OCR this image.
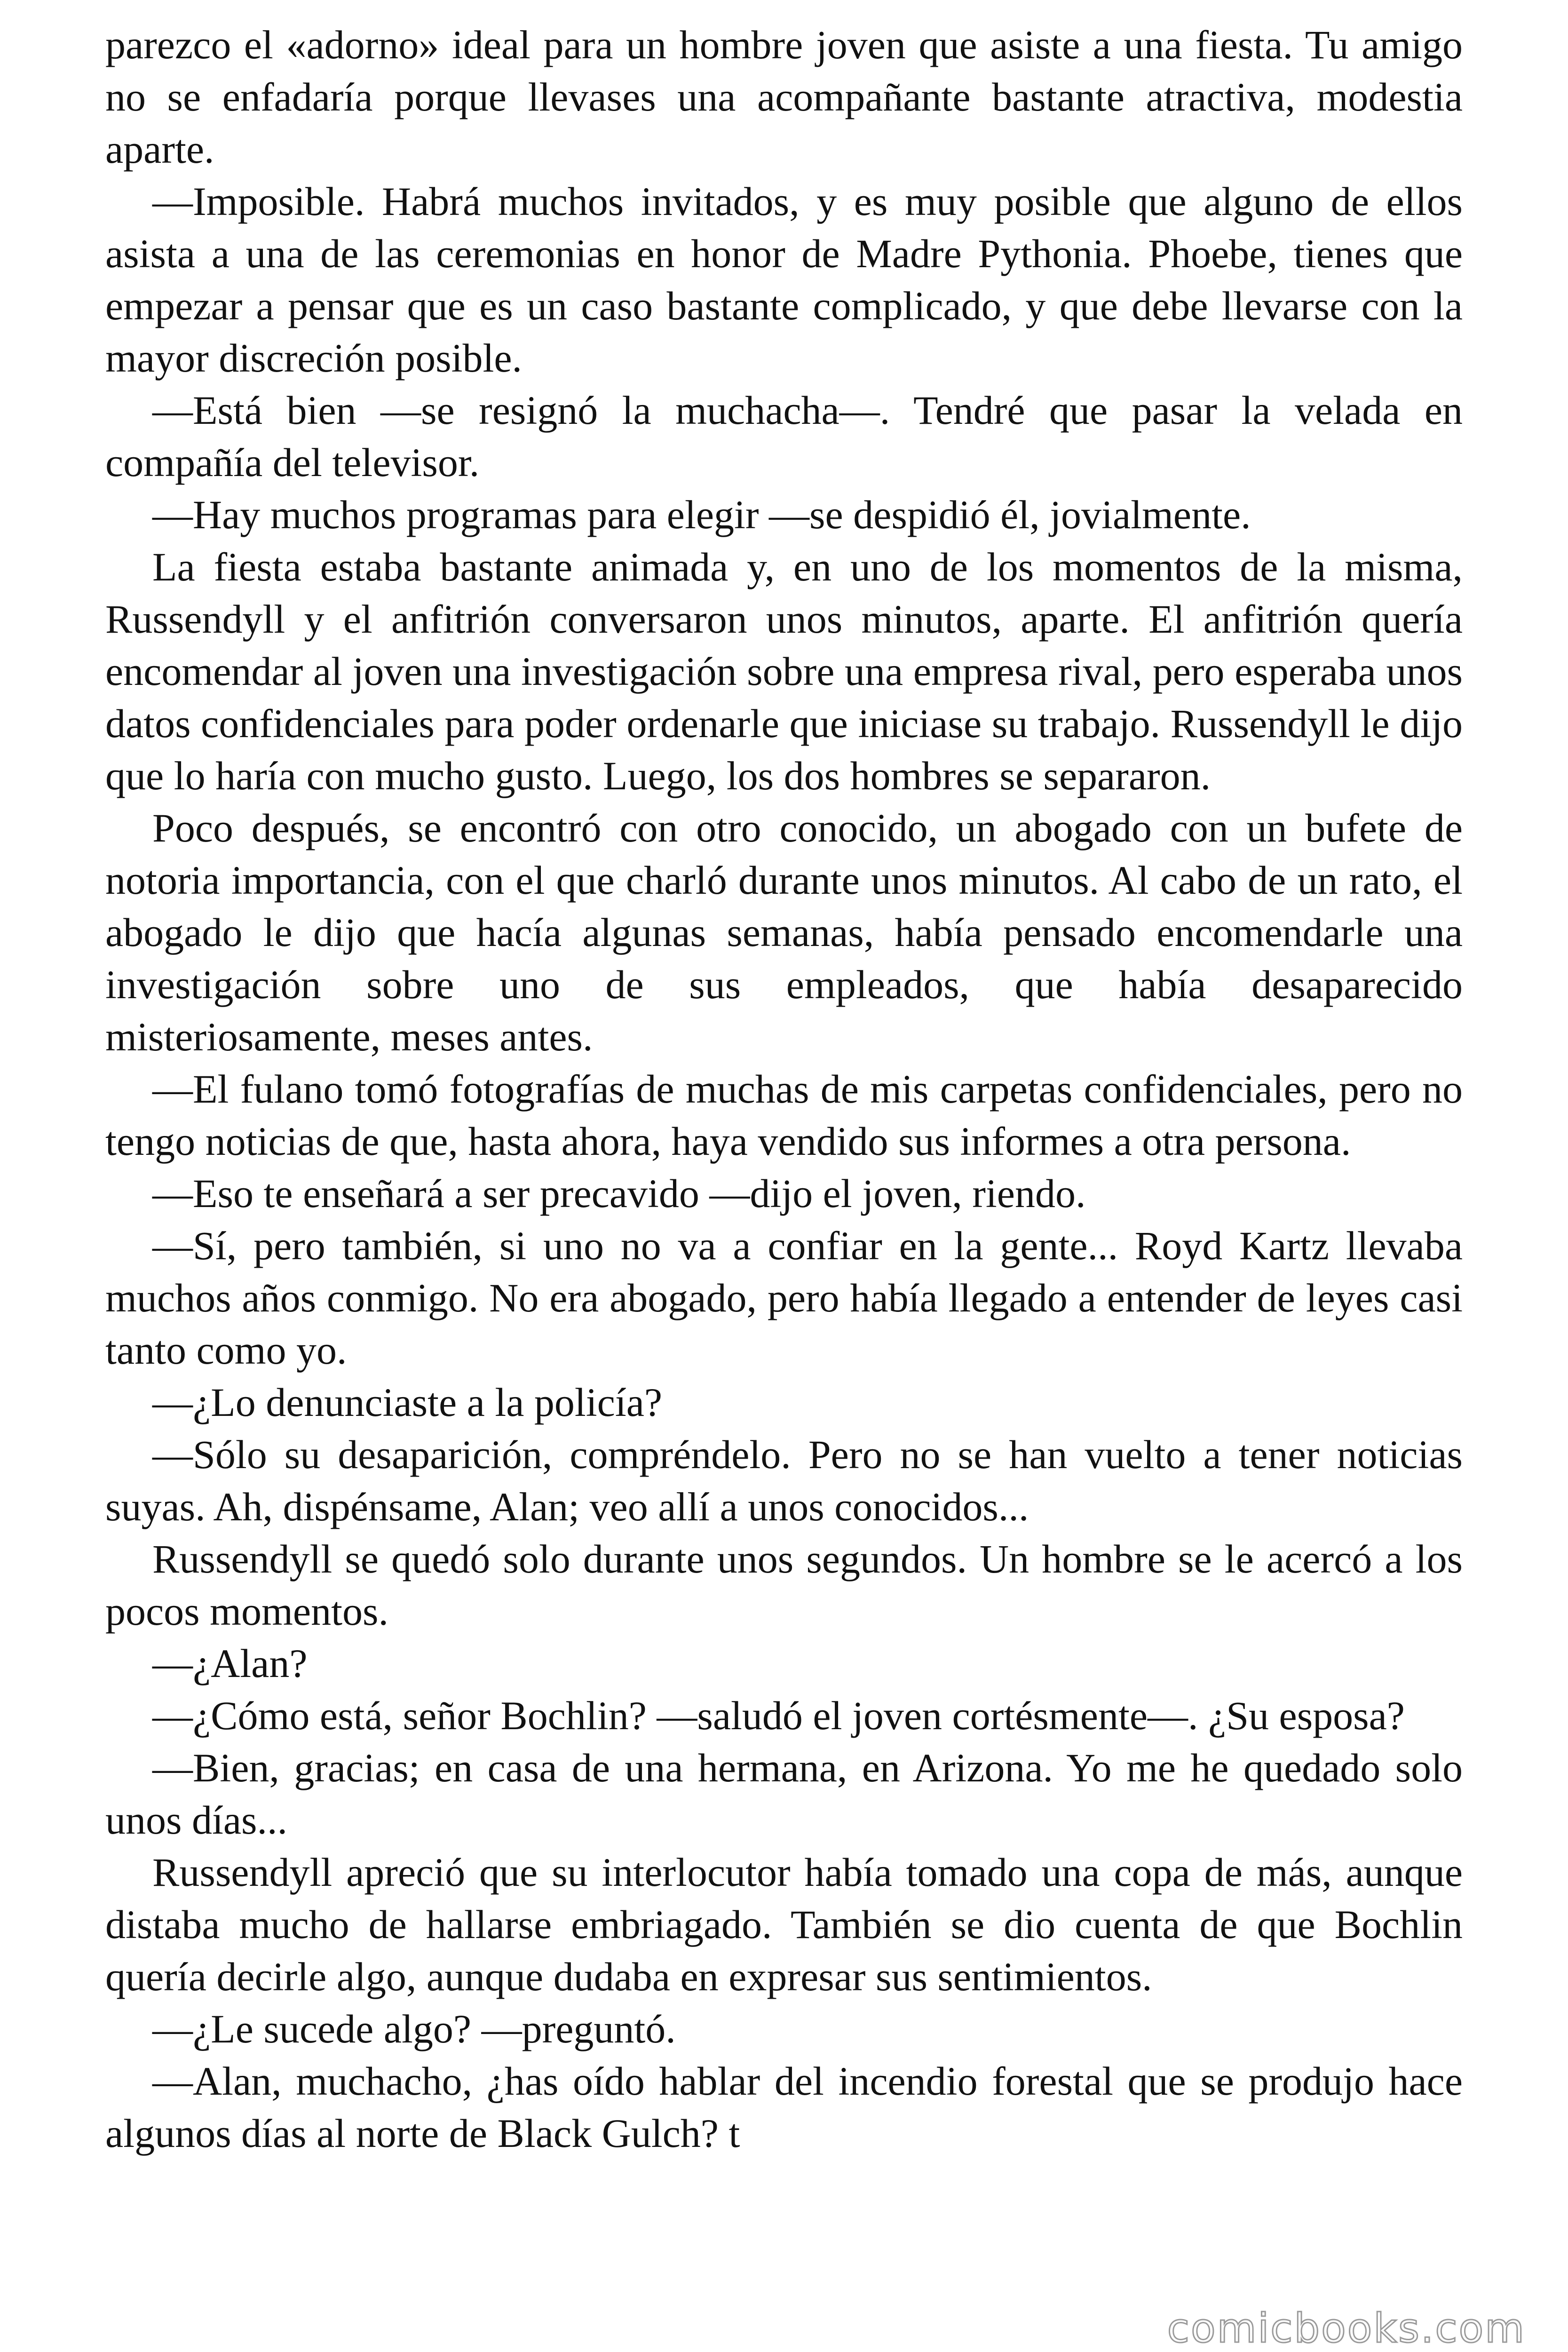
parezco el «adorno» ideal para un hombre joven que asiste a una fiesta. Tu amigo no se enfadaría porque llevases una acompañante bastante atractiva, modestia aparte.

—Imposible. Habrá muchos invitados, y es muy posible que alguno de ellos asista a una de las ceremonias en honor de Madre Pythonia. Phoebe, tienes que empezar a pensar que es un caso bastante complicado, y que debe llevarse con la mayor discreción posible.

—Está bien —se resignó la muchacha—. Tendré que pasar la velada en compañía del televisor.

—Hay muchos programas para elegir —se despidió él, jovialmente.

La fiesta estaba bastante animada y, en uno de los momentos de la misma, Russendyll y el anfitrión conversaron unos minutos, aparte. El anfitrión quería encomendar al joven una investigación sobre una empresa rival, pero esperaba unos datos confidenciales para poder ordenarle que iniciase su trabajo. Russendyll le dijo que lo haría con mucho gusto. Luego, los dos hombres se separaron.

Poco después, se encontró con otro conocido, un abogado con un bufete de notoria importancia, con el que charló durante unos minutos. Al cabo de un rato, el abogado le dijo que hacía algunas semanas, había pensado encomendarle una investigación sobre uno de sus empleados, que había desaparecido misteriosamente, meses antes.

—El fulano tomó fotografías de muchas de mis carpetas confidenciales, pero no tengo noticias de que, hasta ahora, haya vendido sus informes a otra persona.

—Eso te enseñará a ser precavido —dijo el joven, riendo.

—Sí, pero también, si uno no va a confiar en la gente... Royd Kartz llevaba muchos años conmigo. No era abogado, pero había llegado a entender de leyes casi tanto como yo.

—¿Lo denunciaste a la policía?

—Sólo su desaparición, compréndelo. Pero no se han vuelto a tener noticias suyas. Ah, dispénsame, Alan; veo allí a unos conocidos...

Russendyll se quedó solo durante unos segundos. Un hombre se le acercó a los pocos momentos.

—¿Alan?

—¿Cómo está, señor Bochlin? —saludó el joven cortésmente—. ¿Su esposa?

—Bien, gracias; en casa de una hermana, en Arizona. Yo me he quedado solo unos días...

Russendyll apreció que su interlocutor había tomado una copa de más, aunque distaba mucho de hallarse embriagado. También se dio cuenta de que Bochlin quería decirle algo, aunque dudaba en expresar sus sentimientos.

—¿Le sucede algo? —preguntó.

—Alan, muchacho, ¿has oído hablar del incendio forestal que se produjo hace algunos días al norte de Black Gulch? t

comicbooks.com
